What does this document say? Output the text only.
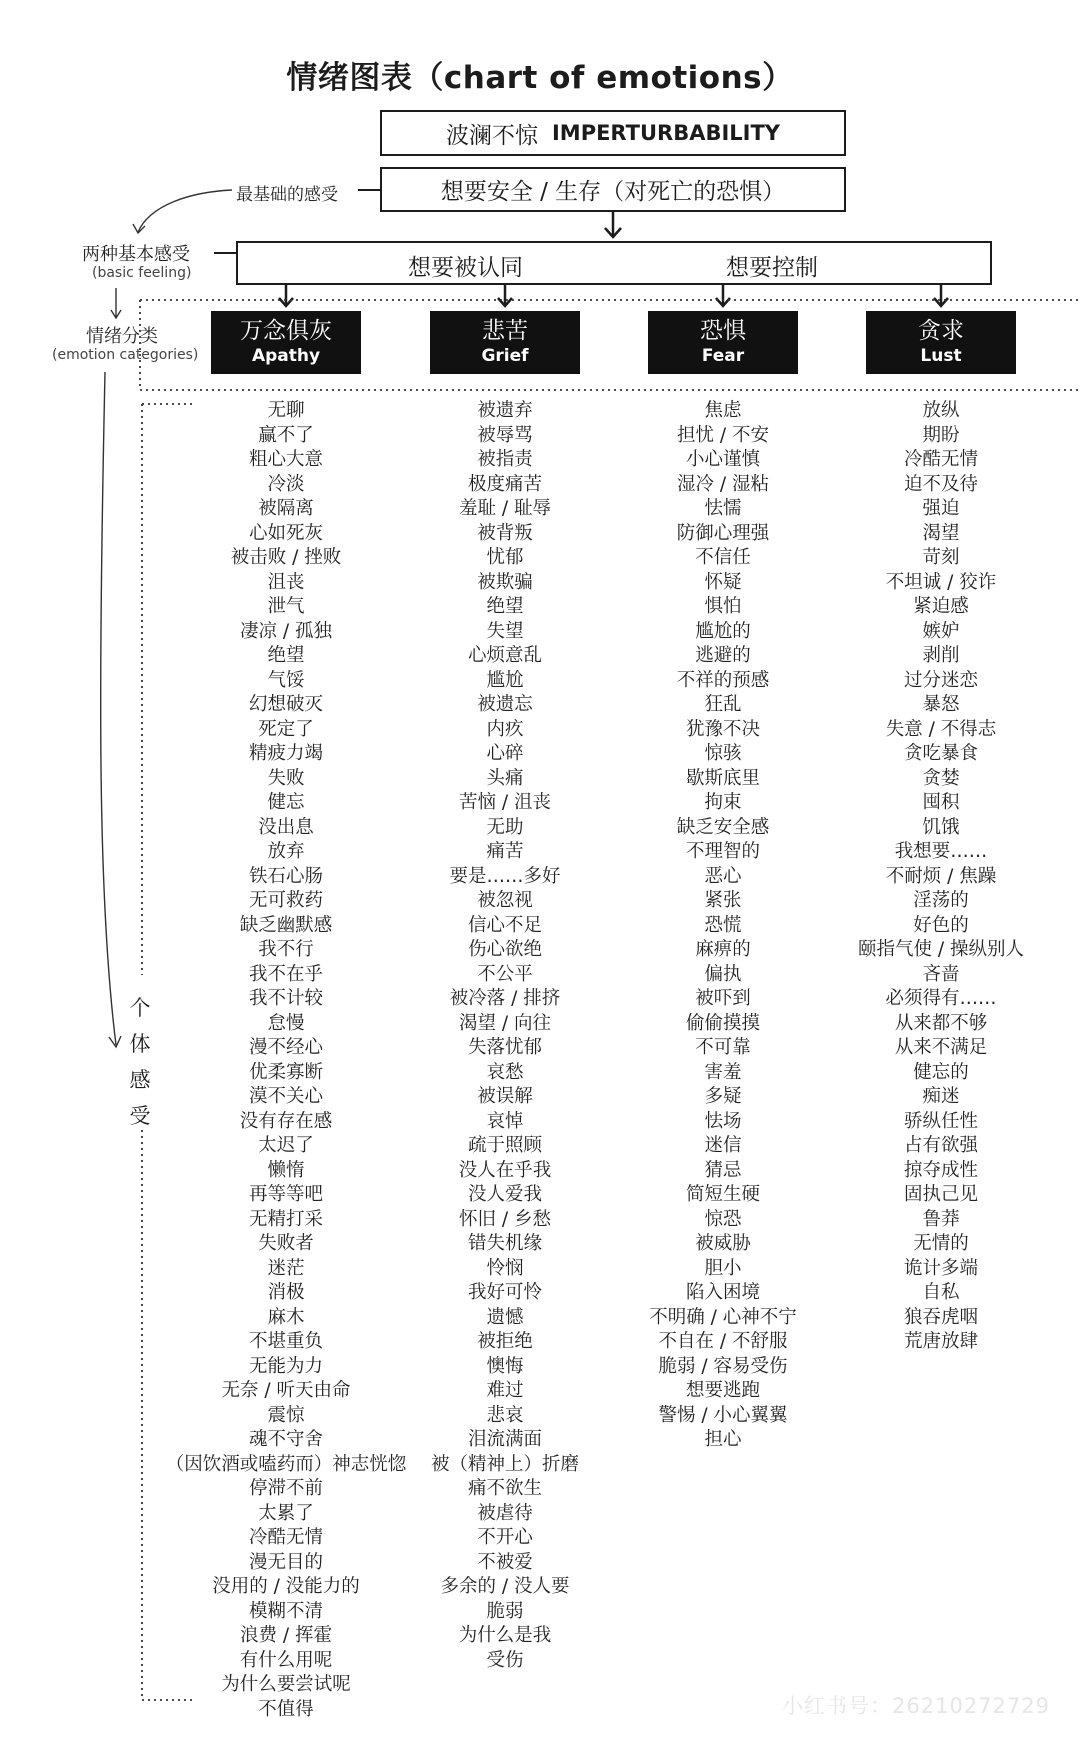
情绪图表（chart of emotions）
波澜不惊 IMPERTURBABILITY
想要安全 / 生存（对死亡的恐惧）
最基础的感受
想要被认同	想要控制
两种基本感受
(basic feeling)
情绪分类
(emotion categories)
个
体
感
受
万念俱灰
Apathy
悲苦
Grief
恐惧
Fear
贪求
Lust
无聊
赢不了
粗心大意
冷淡
被隔离
心如死灰
被击败 / 挫败
沮丧
泄气
凄凉 / 孤独
绝望
气馁
幻想破灭
死定了
精疲力竭
失败
健忘
没出息
放弃
铁石心肠
无可救药
缺乏幽默感
我不行
我不在乎
我不计较
怠慢
漫不经心
优柔寡断
漠不关心
没有存在感
太迟了
懒惰
再等等吧
无精打采
失败者
迷茫
消极
麻木
不堪重负
无能为力
无奈 / 听天由命
震惊
魂不守舍
（因饮酒或嗑药而）神志恍惚
停滞不前
太累了
冷酷无情
漫无目的
没用的 / 没能力的
模糊不清
浪费 / 挥霍
有什么用呢
为什么要尝试呢
不值得
被遗弃
被辱骂
被指责
极度痛苦
羞耻 / 耻辱
被背叛
忧郁
被欺骗
绝望
失望
心烦意乱
尴尬
被遗忘
内疚
心碎
头痛
苦恼 / 沮丧
无助
痛苦
要是……多好
被忽视
信心不足
伤心欲绝
不公平
被冷落 / 排挤
渴望 / 向往
失落忧郁
哀愁
被误解
哀悼
疏于照顾
没人在乎我
没人爱我
怀旧 / 乡愁
错失机缘
怜悯
我好可怜
遗憾
被拒绝
懊悔
难过
悲哀
泪流满面
被（精神上）折磨
痛不欲生
被虐待
不开心
不被爱
多余的 / 没人要
脆弱
为什么是我
受伤
焦虑
担忧 / 不安
小心谨慎
湿冷 / 湿粘
怯懦
防御心理强
不信任
怀疑
惧怕
尴尬的
逃避的
不祥的预感
狂乱
犹豫不决
惊骇
歇斯底里
拘束
缺乏安全感
不理智的
恶心
紧张
恐慌
麻痹的
偏执
被吓到
偷偷摸摸
不可靠
害羞
多疑
怯场
迷信
猜忌
简短生硬
惊恐
被威胁
胆小
陷入困境
不明确 / 心神不宁
不自在 / 不舒服
脆弱 / 容易受伤
想要逃跑
警惕 / 小心翼翼
担心
放纵
期盼
冷酷无情
迫不及待
强迫
渴望
苛刻
不坦诚 / 狡诈
紧迫感
嫉妒
剥削
过分迷恋
暴怒
失意 / 不得志
贪吃暴食
贪婪
囤积
饥饿
我想要……
不耐烦 / 焦躁
淫荡的
好色的
颐指气使 / 操纵别人
吝啬
必须得有……
从来都不够
从来不满足
健忘的
痴迷
骄纵任性
占有欲强
掠夺成性
固执己见
鲁莽
无情的
诡计多端
自私
狼吞虎咽
荒唐放肆
小红书号：26210272729
